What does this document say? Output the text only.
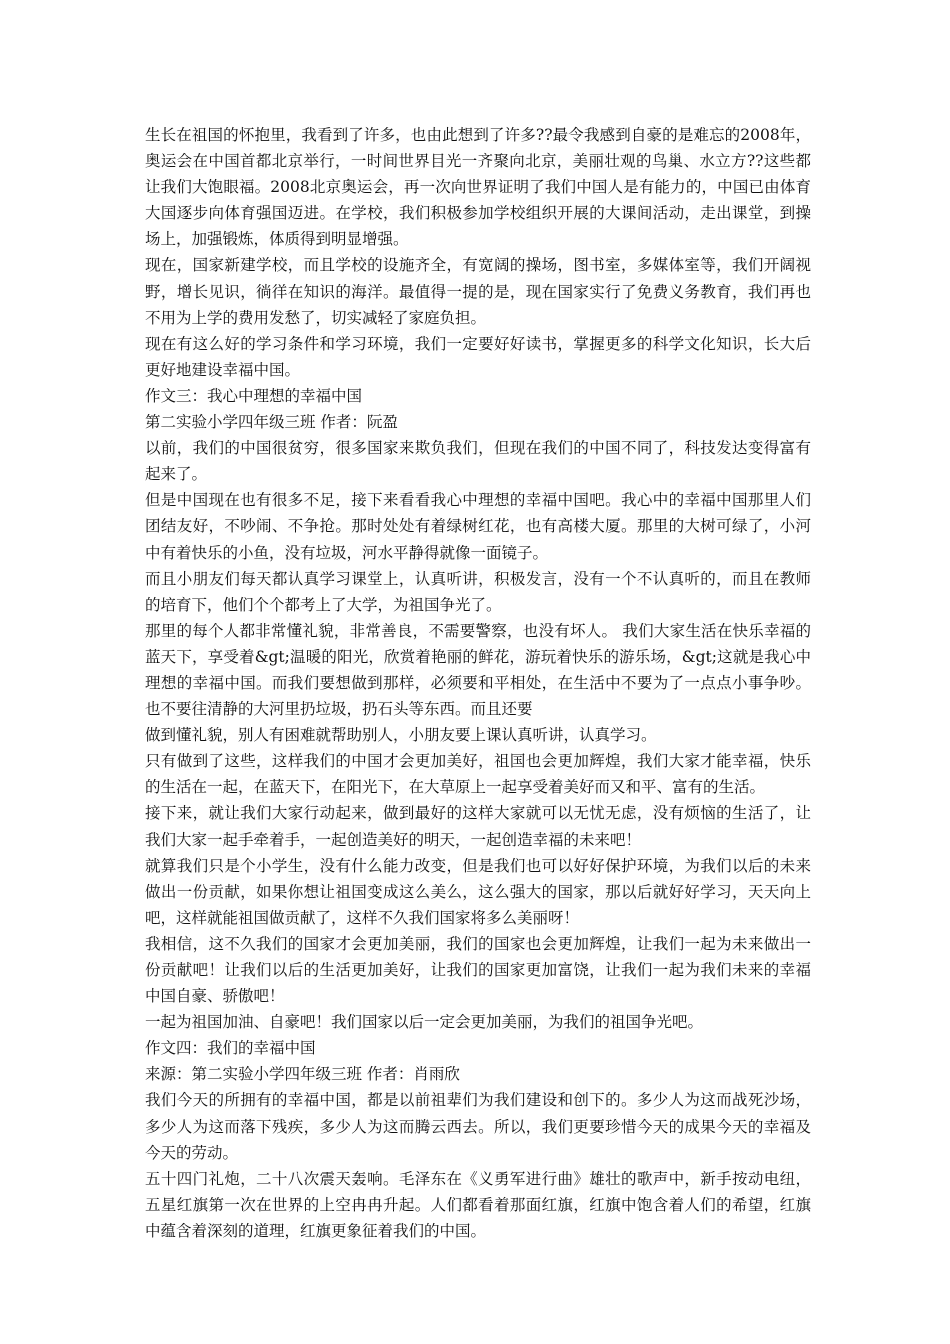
生长在祖国的怀抱里，我看到了许多，也由此想到了许多??最令我感到自豪的是难忘的2008年，奥运会在中国首都北京举行，一时间世界目光一齐聚向北京，美丽壮观的鸟巢、水立方??这些都让我们大饱眼福。2008北京奥运会，再一次向世界证明了我们中国人是有能力的，中国已由体育大国逐步向体育强国迈进。在学校，我们积极参加学校组织开展的大课间活动，走出课堂，到操场上，加强锻炼，体质得到明显增强。

现在，国家新建学校，而且学校的设施齐全，有宽阔的操场，图书室，多媒体室等，我们开阔视野，增长见识，徜徉在知识的海洋。最值得一提的是，现在国家实行了免费义务教育，我们再也不用为上学的费用发愁了，切实减轻了家庭负担。

现在有这么好的学习条件和学习环境，我们一定要好好读书，掌握更多的科学文化知识，长大后更好地建设幸福中国。

作文三：我心中理想的幸福中国

第二实验小学四年级三班 作者：阮盈

以前，我们的中国很贫穷，很多国家来欺负我们，但现在我们的中国不同了，科技发达变得富有起来了。

但是中国现在也有很多不足，接下来看看我心中理想的幸福中国吧。我心中的幸福中国那里人们团结友好，不吵闹、不争抢。那时处处有着绿树红花，也有高楼大厦。那里的大树可绿了，小河中有着快乐的小鱼，没有垃圾，河水平静得就像一面镜子。

而且小朋友们每天都认真学习课堂上，认真听讲，积极发言，没有一个不认真听的，而且在教师的培育下，他们个个都考上了大学，为祖国争光了。

那里的每个人都非常懂礼貌，非常善良，不需要警察，也没有坏人。 我们大家生活在快乐幸福的蓝天下，享受着&gt;温暖的阳光，欣赏着艳丽的鲜花，游玩着快乐的游乐场，&gt;这就是我心中理想的幸福中国。而我们要想做到那样，必须要和平相处，在生活中不要为了一点点小事争吵。也不要往清静的大河里扔垃圾，扔石头等东西。而且还要

做到懂礼貌，别人有困难就帮助别人，小朋友要上课认真听讲，认真学习。

只有做到了这些，这样我们的中国才会更加美好，祖国也会更加辉煌，我们大家才能幸福，快乐的生活在一起，在蓝天下，在阳光下，在大草原上一起享受着美好而又和平、富有的生活。

接下来，就让我们大家行动起来，做到最好的这样大家就可以无忧无虑，没有烦恼的生活了，让我们大家一起手牵着手，一起创造美好的明天，一起创造幸福的未来吧！

就算我们只是个小学生，没有什么能力改变，但是我们也可以好好保护环境，为我们以后的未来做出一份贡献，如果你想让祖国变成这么美么，这么强大的国家，那以后就好好学习，天天向上吧，这样就能祖国做贡献了，这样不久我们国家将多么美丽呀！

我相信，这不久我们的国家才会更加美丽，我们的国家也会更加辉煌，让我们一起为未来做出一份贡献吧！让我们以后的生活更加美好，让我们的国家更加富饶，让我们一起为我们未来的幸福中国自豪、骄傲吧！

一起为祖国加油、自豪吧！我们国家以后一定会更加美丽，为我们的祖国争光吧。

作文四：我们的幸福中国

来源：第二实验小学四年级三班 作者：肖雨欣

我们今天的所拥有的幸福中国，都是以前祖辈们为我们建设和创下的。多少人为这而战死沙场，多少人为这而落下残疾，多少人为这而腾云西去。所以，我们更要珍惜今天的成果今天的幸福及今天的劳动。

五十四门礼炮，二十八次震天轰响。毛泽东在《义勇军进行曲》雄壮的歌声中，新手按动电纽，五星红旗第一次在世界的上空冉冉升起。人们都看着那面红旗，红旗中饱含着人们的希望，红旗中蕴含着深刻的道理，红旗更象征着我们的中国。
